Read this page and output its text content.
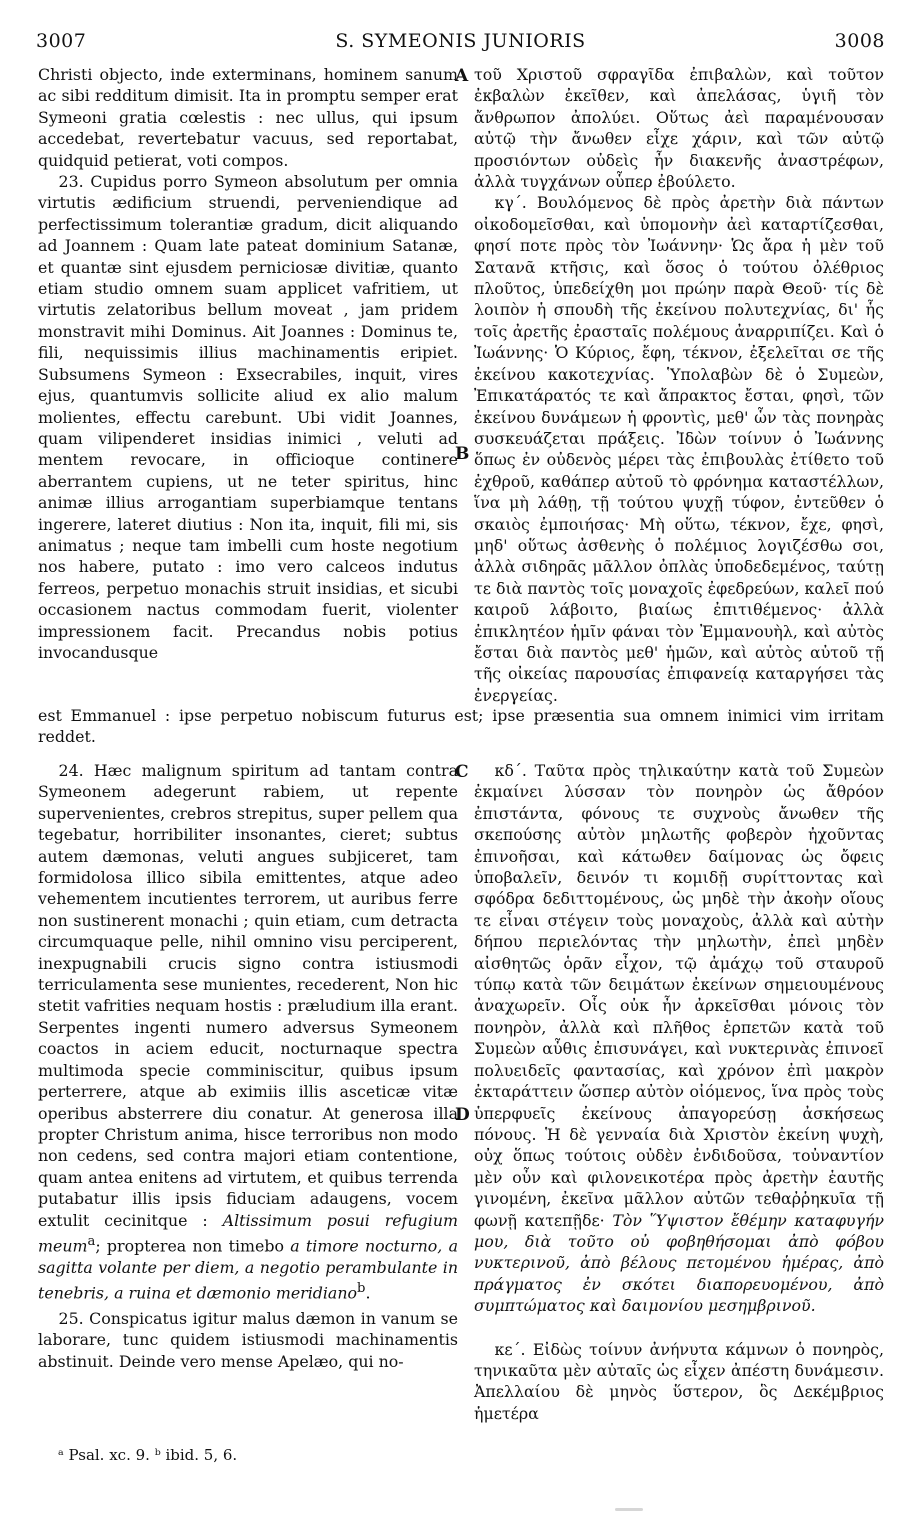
3007	S. SYMEONIS JUNIORIS	3008
A
B
C
D

Christi objecto, inde exterminans, hominem sanum ac sibi redditum dimisit. Ita in promptu semper erat Symeoni gratia cœlestis : nec ullus, qui ipsum accedebat, revertebatur vacuus, sed reportabat, quidquid petierat, voti compos.

23. Cupidus porro Symeon absolutum per omnia virtutis ædificium struendi, perveniendique ad perfectissimum tolerantiæ gradum, dicit aliquando ad Joannem : Quam late pateat dominium Satanæ, et quantæ sint ejusdem perniciosæ divitiæ, quanto etiam studio omnem suam applicet vafritiem, ut virtutis zelatoribus bellum moveat , jam pridem monstravit mihi Dominus. Ait Joannes : Dominus te, fili, nequissimis illius machinamentis eripiet. Subsumens Symeon : Exsecrabiles, inquit, vires ejus, quantumvis sollicite aliud ex alio malum molientes, effectu carebunt. Ubi vidit Joannes, quam vilipenderet insidias inimici , veluti ad mentem revocare, in officioque continere aberrantem cupiens, ut ne teter spiritus, hinc animæ illius arrogantiam superbiamque tentans ingerere, lateret diutius : Non ita, inquit, fili mi, sis animatus ; neque tam imbelli cum hoste negotium nos habere, putato : imo vero calceos indutus ferreos, perpetuo monachis struit insidias, et sicubi occasionem nactus commodam fuerit, violenter impressionem facit. Precandus nobis potius invocandusque

τοῦ Χριστοῦ σφραγῖδα ἐπιβαλὼν, καὶ τοῦτον ἐκβαλὼν ἐκεῖθεν, καὶ ἀπελάσας, ὑγιῆ τὸν ἄνθρωπον ἀπολύει. Οὕτως ἀεὶ παραμένουσαν αὐτῷ τὴν ἄνωθεν εἶχε χάριν, καὶ τῶν αὐτῷ προσιόντων οὐδεὶς ἦν διακενῆς ἀναστρέφων, ἀλλὰ τυγχάνων οὗπερ ἐβούλετο.

κγ΄. Βουλόμενος δὲ πρὸς ἀρετὴν διὰ πάντων οἰκοδομεῖσθαι, καὶ ὑπομονὴν ἀεὶ καταρτίζεσθαι, φησί ποτε πρὸς τὸν Ἰωάννην· Ὡς ἄρα ἡ μὲν τοῦ Σατανᾶ κτῆσις, καὶ ὅσος ὁ τούτου ὀλέθριος πλοῦτος, ὑπεδείχθη μοι πρώην παρὰ Θεοῦ· τίς δὲ λοιπὸν ἡ σπουδὴ τῆς ἐκείνου πολυτεχνίας, δι' ἧς τοῖς ἀρετῆς ἐρασταῖς πολέμους ἀναρριπίζει. Καὶ ὁ Ἰωάννης· Ὁ Κύριος, ἔφη, τέκνον, ἐξελεῖται σε τῆς ἐκείνου κακοτεχνίας. Ὑπολαβὼν δὲ ὁ Συμεὼν, Ἐπικατάρατός τε καὶ ἄπρακτος ἔσται, φησὶ, τῶν ἐκείνου δυνάμεων ἡ φροντὶς, μεθ' ὧν τὰς πονηρὰς συσκευάζεται πράξεις. Ἰδὼν τοίνυν ὁ Ἰωάννης ὅπως ἐν οὐδενὸς μέρει τὰς ἐπιβουλὰς ἐτίθετο τοῦ ἐχθροῦ, καθάπερ αὐτοῦ τὸ φρόνημα καταστέλλων, ἵνα μὴ λάθῃ, τῇ τούτου ψυχῇ τύφον, ἐντεῦθεν ὁ σκαιὸς ἐμποιήσας· Μὴ οὕτω, τέκνον, ἔχε, φησὶ, μηδ' οὕτως ἀσθενὴς ὁ πολέμιος λογιζέσθω σοι, ἀλλὰ σιδηρᾶς μᾶλλον ὀπλὰς ὑποδεδεμένος, ταύτῃ τε διὰ παντὸς τοῖς μοναχοῖς ἐφεδρεύων, καλεῖ πού καιροῦ λάβοιτο, βιαίως ἐπιτιθέμενος· ἀλλὰ ἐπικλητέον ἡμῖν φάναι τὸν Ἐμμανουὴλ, καὶ αὐτὸς ἔσται διὰ παντὸς μεθ' ἡμῶν, καὶ αὐτὸς αὐτοῦ τῇ τῆς οἰκείας παρουσίας ἐπιφανείᾳ καταργήσει τὰς ἐνεργείας.

est Emmanuel : ipse perpetuo nobiscum futurus est; ipse præsentia sua omnem inimici vim irritam reddet.

24. Hæc malignum spiritum ad tantam contra Symeonem adegerunt rabiem, ut repente supervenientes, crebros strepitus, super pellem qua tegebatur, horribiliter insonantes, cieret; subtus autem dæmonas, veluti angues subjiceret, tam formidolosa illico sibila emittentes, atque adeo vehementem incutientes terrorem, ut auribus ferre non sustinerent monachi ; quin etiam, cum detracta circumquaque pelle, nihil omnino visu perciperent, inexpugnabili crucis signo contra istiusmodi terriculamenta sese munientes, recederent, Non hic stetit vafrities nequam hostis : præludium illa erant. Serpentes ingenti numero adversus Symeonem coactos in aciem educit, nocturnaque spectra multimoda specie comminiscitur, quibus ipsum perterrere, atque ab eximiis illis asceticæ vitæ operibus absterrere diu conatur. At generosa illa propter Christum anima, hisce terroribus non modo non cedens, sed contra majori etiam contentione, quam antea enitens ad virtutem, et quibus terrenda putabatur illis ipsis fiduciam adaugens, vocem extulit cecinitque : Altissimum posui refugium meum$^a$; propterea non timebo a timore nocturno, a sagitta volante per diem, a negotio perambulante in tenebris, a ruina et dæmonio meridiano$^b$.

25. Conspicatus igitur malus dæmon in vanum se laborare, tunc quidem istiusmodi machinamentis abstinuit. Deinde vero mense Apelæo, qui no-

κδ΄. Ταῦτα πρὸς τηλικαύτην κατὰ τοῦ Συμεὼν ἐκμαίνει λύσσαν τὸν πονηρὸν ὡς ἄθρόον ἐπιστάντα, φόνους τε συχνοὺς ἄνωθεν τῆς σκεπούσης αὐτὸν μηλωτῆς φοβερὸν ἠχοῦντας ἐπινοῆσαι, καὶ κάτωθεν δαίμονας ὡς ὄφεις ὑποβαλεῖν, δεινόν τι κομιδῇ συρίττοντας καὶ σφόδρα δεδιττομένους, ὡς μηδὲ τὴν ἀκοὴν οἵους τε εἶναι στέγειν τοὺς μοναχοὺς, ἀλλὰ καὶ αὐτὴν δήπου περιελόντας τὴν μηλωτὴν, ἐπεὶ μηδὲν αἰσθητῶς ὁρᾶν εἶχον, τῷ ἀμάχῳ τοῦ σταυροῦ τύπῳ κατὰ τῶν δειμάτων ἐκείνων σημειουμένους ἀναχωρεῖν. Οἷς οὐκ ἦν ἀρκεῖσθαι μόνοις τὸν πονηρὸν, ἀλλὰ καὶ πλῆθος ἑρπετῶν κατὰ τοῦ Συμεὼν αὖθις ἐπισυνάγει, καὶ νυκτερινὰς ἐπινοεῖ πολυειδεῖς φαντασίας, καὶ χρόνον ἐπὶ μακρὸν ἐκταράττειν ὥσπερ αὐτὸν οἰόμενος, ἵνα πρὸς τοὺς ὑπερφυεῖς ἐκείνους ἀπαγορεύσῃ ἀσκήσεως πόνους. Ἡ δὲ γενναία διὰ Χριστὸν ἐκείνη ψυχὴ, οὐχ ὅπως τούτοις οὐδὲν ἐνδιδοῦσα, τοὐναντίον μὲν οὖν καὶ φιλονεικοτέρα πρὸς ἀρετὴν ἑαυτῆς γινομένη, ἐκεῖνα μᾶλλον αὐτῶν τεθαῤῥηκυῖα τῇ φωνῇ κατεπῇδε· Τὸν Ὕψιστον ἔθέμην καταφυγήν μου, διὰ τοῦτο οὐ φοβηθήσομαι ἀπὸ φόβου νυκτερινοῦ, ἀπὸ βέλους πετομένου ἡμέρας, ἀπὸ πράγματος ἐν σκότει διαπορευομένου, ἀπὸ συμπτώματος καὶ δαιμονίου μεσημβρινοῦ.

κε΄. Εἰδὼς τοίνυν ἀνήνυτα κάμνων ὁ πονηρὸς, τηνικαῦτα μὲν αὐταῖς ὡς εἶχεν ἀπέστη δυνάμεσιν. Ἀπελλαίου δὲ μηνὸς ὕστερον, ὃς Δεκέμβριος ἡμετέρα

ᵃ Psal. xc. 9. ᵇ ibid. 5, 6.
